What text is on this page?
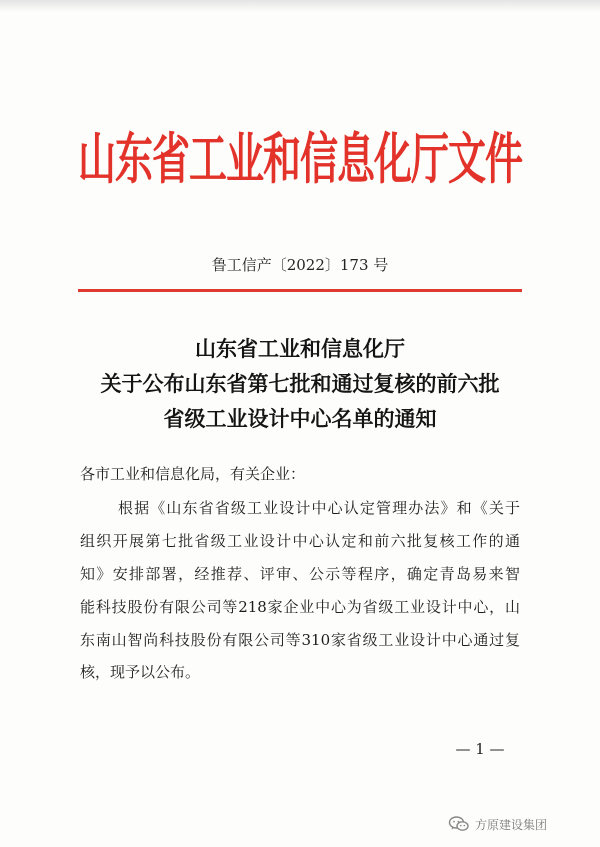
山东省工业和信息化厅文件
鲁工信产〔2022〕173 号
山东省工业和信息化厅
关于公布山东省第七批和通过复核的前六批
省级工业设计中心名单的通知
各市工业和信息化局，有关企业：
根据《山东省省级工业设计中心认定管理办法》和《关于
组织开展第七批省级工业设计中心认定和前六批复核工作的通
知》安排部署，经推荐、评审、公示等程序，确定青岛易来智
能科技股份有限公司等218家企业中心为省级工业设计中心，山
东南山智尚科技股份有限公司等310家省级工业设计中心通过复
核，现予以公布。
— 1 —
方原建设集团
